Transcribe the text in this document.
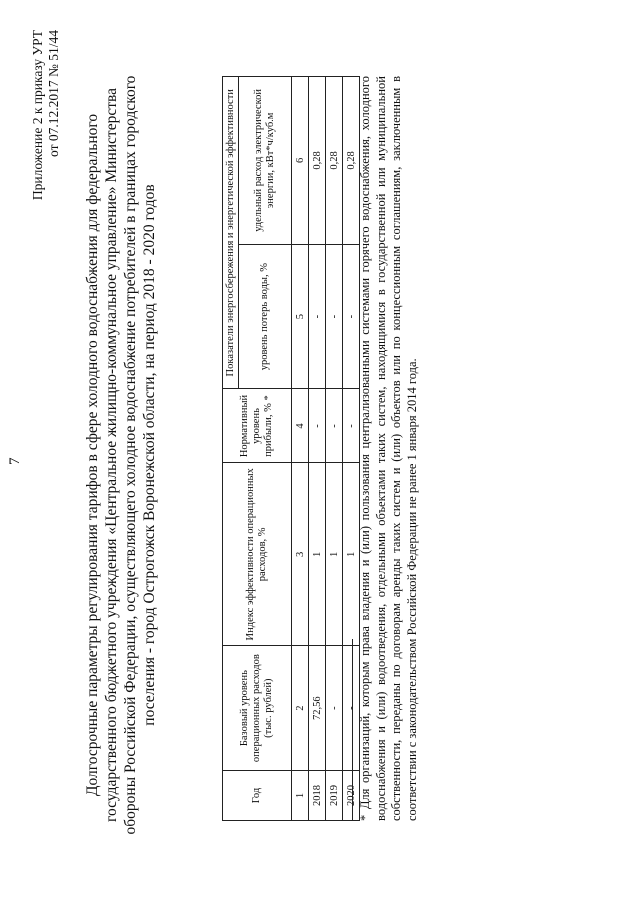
7
Приложение 2 к приказу УРТ от 07.12.2017 № 51/44
Долгосрочные параметры регулирования тарифов в сфере холодного водоснабжения для федерального государственного бюджетного учреждения «Центральное жилищно-коммунальное управление» Министерства обороны Российской Федерации, осуществляющего холодное водоснабжение потребителей в границах городского поселения - город Острогожск Воронежской области, на период 2018 - 2020 годов
Год	Базовый уровень операционных расходов (тыс. рублей)	Индекс эффективности операционных расходов, %	Нормативный уровень прибыли, % *	Показатели энергосбережения и энергетической эффективности	
				уровень потерь воды, %	удельный расход электрической энергии, кВт*ч/куб.м
1	2	3	4	5	6
2018	72,56	1	-	-	0,28
2019	-	1	-	-	0,28
2020	-	1	-	-	0,28 * Для организаций, которым права владения и (или) пользования централизованными системами горячего водоснабжения, холодного водоснабжения и (или) водоотведения, отдельными объектами таких систем, находящимися в государственной или муниципальной собственности, переданы по договорам аренды таких систем и (или) объектов или по концессионным соглашениям, заключенным в соответствии с законодательством Российской Федерации не ранее 1 января 2014 года.
